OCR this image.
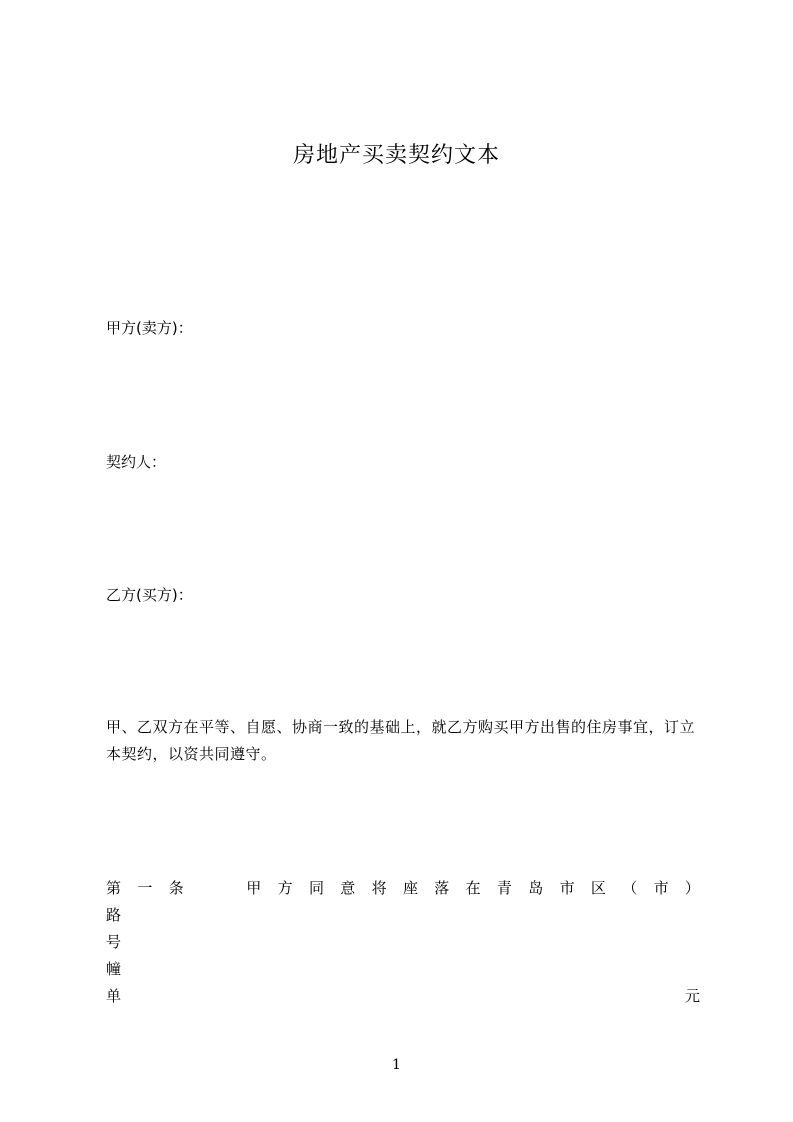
房地产买卖契约文本
甲方(卖方)：
契约人：
乙方(买方)：
甲、乙双方在平等、自愿、协商一致的基础上，就乙方购买甲方出售的住房事宜，订立本契约，以资共同遵守。
第 一 条	甲 方 同 意 将 座 落 在 青 岛 市 区 （ 市 ）
路
号
幢
单	元
1
